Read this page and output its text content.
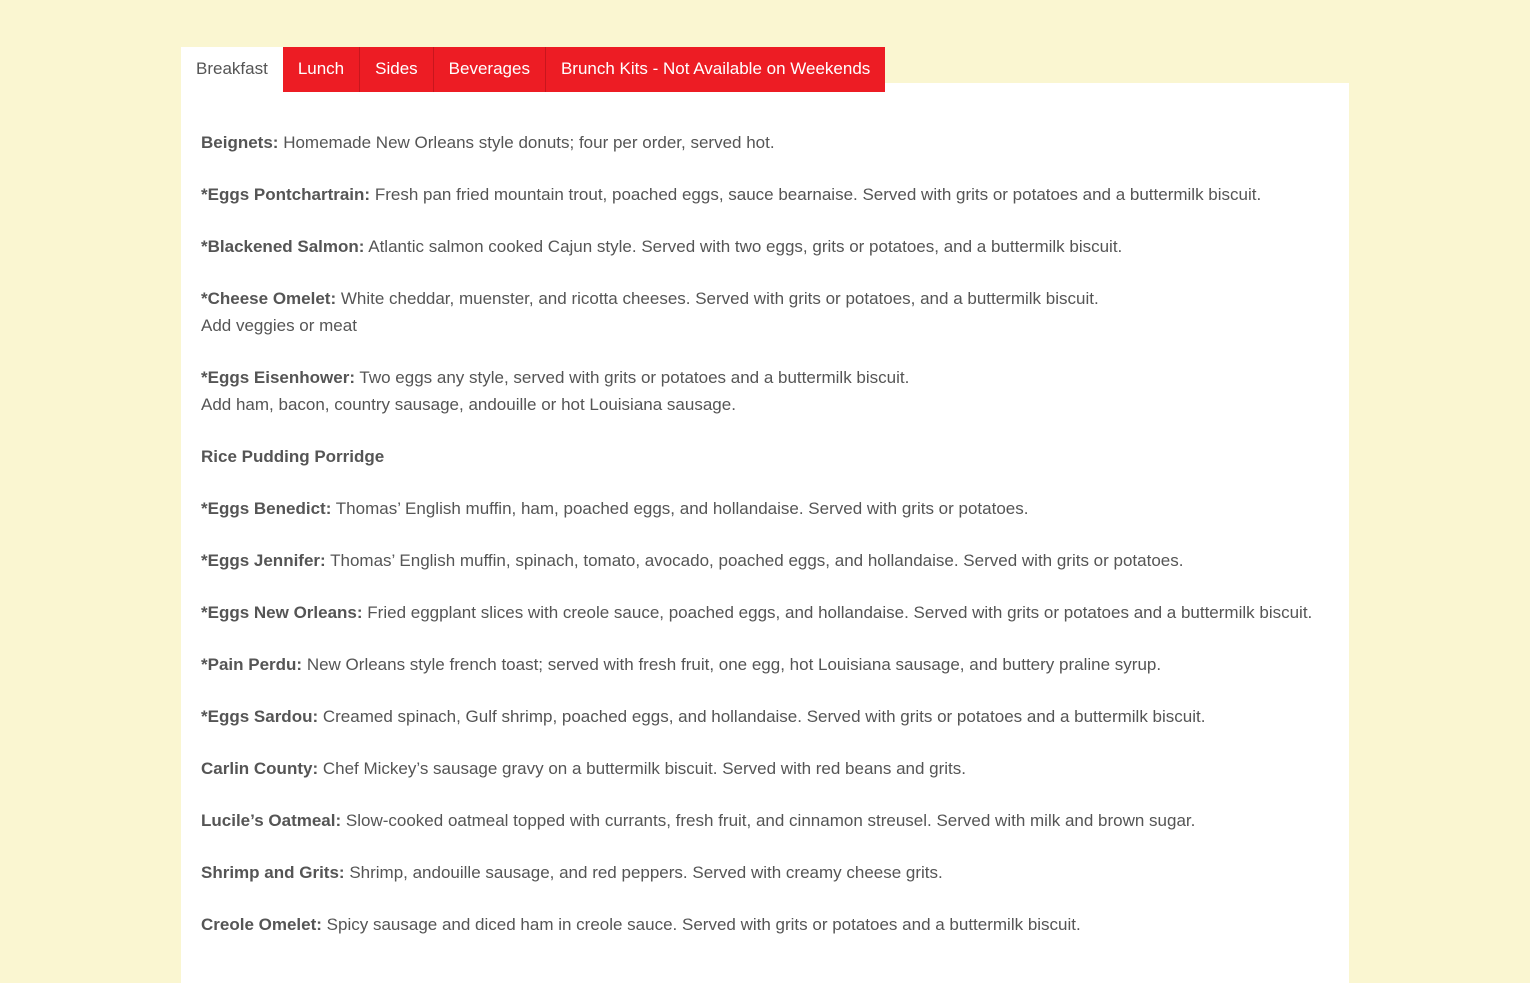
Breakfast	Lunch	Sides	Beverages	Brunch Kits - Not Available on Weekends

Beignets: Homemade New Orleans style donuts; four per order, served hot.

*Eggs Pontchartrain: Fresh pan fried mountain trout, poached eggs, sauce bearnaise. Served with grits or potatoes and a buttermilk biscuit.

*Blackened Salmon: Atlantic salmon cooked Cajun style. Served with two eggs, grits or potatoes, and a buttermilk biscuit.

*Cheese Omelet: White cheddar, muenster, and ricotta cheeses. Served with grits or potatoes, and a buttermilk biscuit.
Add veggies or meat

*Eggs Eisenhower: Two eggs any style, served with grits or potatoes and a buttermilk biscuit.
Add ham, bacon, country sausage, andouille or hot Louisiana sausage.

Rice Pudding Porridge

*Eggs Benedict: Thomas’ English muffin, ham, poached eggs, and hollandaise. Served with grits or potatoes.

*Eggs Jennifer: Thomas’ English muffin, spinach, tomato, avocado, poached eggs, and hollandaise. Served with grits or potatoes.

*Eggs New Orleans: Fried eggplant slices with creole sauce, poached eggs, and hollandaise. Served with grits or potatoes and a buttermilk biscuit.

*Pain Perdu: New Orleans style french toast; served with fresh fruit, one egg, hot Louisiana sausage, and buttery praline syrup.

*Eggs Sardou: Creamed spinach, Gulf shrimp, poached eggs, and hollandaise. Served with grits or potatoes and a buttermilk biscuit.

Carlin County: Chef Mickey’s sausage gravy on a buttermilk biscuit. Served with red beans and grits.

Lucile’s Oatmeal: Slow-cooked oatmeal topped with currants, fresh fruit, and cinnamon streusel. Served with milk and brown sugar.

Shrimp and Grits: Shrimp, andouille sausage, and red peppers. Served with creamy cheese grits.

Creole Omelet: Spicy sausage and diced ham in creole sauce. Served with grits or potatoes and a buttermilk biscuit.
